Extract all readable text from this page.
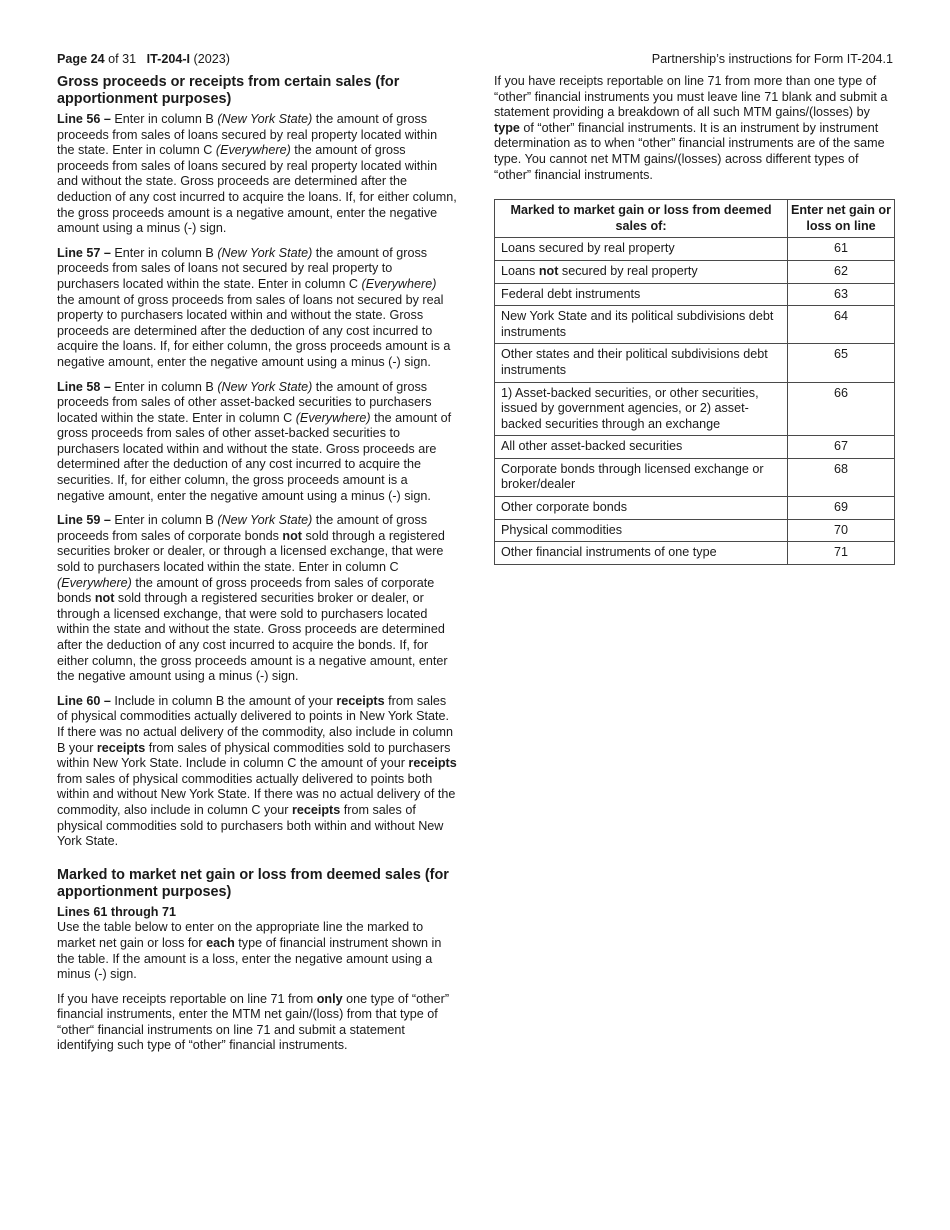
Page 24 of 31 IT-204-I (2023)	Partnership’s instructions for Form IT-204.1
Gross proceeds or receipts from certain sales (for apportionment purposes)

Line 56 – Enter in column B (New York State) the amount of gross proceeds from sales of loans secured by real property located within the state. Enter in column C (Everywhere) the amount of gross proceeds from sales of loans secured by real property located within and without the state. Gross proceeds are determined after the deduction of any cost incurred to acquire the loans. If, for either column, the gross proceeds amount is a negative amount, enter the negative amount using a minus (-) sign.

Line 57 – Enter in column B (New York State) the amount of gross proceeds from sales of loans not secured by real property to purchasers located within the state. Enter in column C (Everywhere) the amount of gross proceeds from sales of loans not secured by real property to purchasers located within and without the state. Gross proceeds are determined after the deduction of any cost incurred to acquire the loans. If, for either column, the gross proceeds amount is a negative amount, enter the negative amount using a minus (-) sign.

Line 58 – Enter in column B (New York State) the amount of gross proceeds from sales of other asset-backed securities to purchasers located within the state. Enter in column C (Everywhere) the amount of gross proceeds from sales of other asset-backed securities to purchasers located within and without the state. Gross proceeds are determined after the deduction of any cost incurred to acquire the securities. If, for either column, the gross proceeds amount is a negative amount, enter the negative amount using a minus (-) sign.

Line 59 – Enter in column B (New York State) the amount of gross proceeds from sales of corporate bonds not sold through a registered securities broker or dealer, or through a licensed exchange, that were sold to purchasers located within the state. Enter in column C (Everywhere) the amount of gross proceeds from sales of corporate bonds not sold through a registered securities broker or dealer, or through a licensed exchange, that were sold to purchasers located within the state and without the state. Gross proceeds are determined after the deduction of any cost incurred to acquire the bonds. If, for either column, the gross proceeds amount is a negative amount, enter the negative amount using a minus (-) sign.

Line 60 – Include in column B the amount of your receipts from sales of physical commodities actually delivered to points in New York State. If there was no actual delivery of the commodity, also include in column B your receipts from sales of physical commodities sold to purchasers within New York State. Include in column C the amount of your receipts from sales of physical commodities actually delivered to points both within and without New York State. If there was no actual delivery of the commodity, also include in column C your receipts from sales of physical commodities sold to purchasers both within and without New York State.

Marked to market net gain or loss from deemed sales (for apportionment purposes)
Lines 61 through 71

Use the table below to enter on the appropriate line the marked to market net gain or loss for each type of financial instrument shown in the table. If the amount is a loss, enter the negative amount using a minus (-) sign.

If you have receipts reportable on line 71 from only one type of “other” financial instruments, enter the MTM net gain/(loss) from that type of “other“ financial instruments on line 71 and submit a statement identifying such type of “other” financial instruments.

If you have receipts reportable on line 71 from more than one type of “other” financial instruments you must leave line 71 blank and submit a statement providing a breakdown of all such MTM gains/(losses) by type of “other” financial instruments. It is an instrument by instrument determination as to when “other” financial instruments are of the same type. You cannot net MTM gains/(losses) across different types of “other” financial instruments.

Marked to market gain or loss from deemed sales of:	Enter net gain or loss on line
Loans secured by real property	61
Loans not secured by real property	62
Federal debt instruments	63
New York State and its political subdivisions debt instruments	64
Other states and their political subdivisions debt instruments	65
1) Asset-backed securities, or other securities, issued by government agencies, or 2) asset-backed securities through an exchange	66
All other asset-backed securities	67
Corporate bonds through licensed exchange or broker/dealer	68
Other corporate bonds	69
Physical commodities	70
Other financial instruments of one type	71
